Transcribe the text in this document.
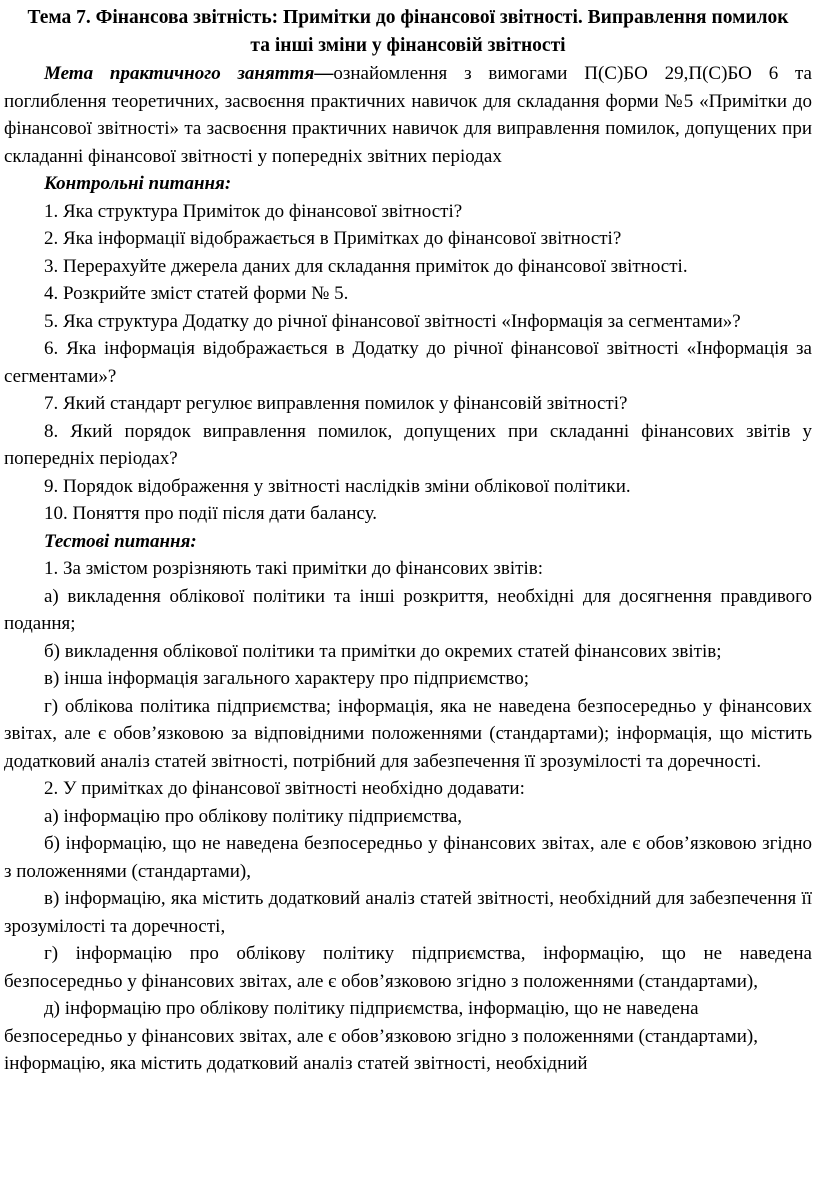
Тема 7. Фінансова звітність: Примітки до фінансової звітності. Виправлення помилок та інші зміни у фінансовій звітності

Мета практичного заняття—ознайомлення з вимогами П(С)БО 29,П(С)БО 6 та поглиблення теоретичних, засвоєння практичних навичок для складання форми №5 «Примітки до фінансової звітності» та засвоєння практичних навичок для виправлення помилок, допущених при складанні фінансової звітності у попередніх звітних періодах

Контрольні питання:

1. Яка структура Приміток до фінансової звітності?

2. Яка інформації відображається в Примітках до фінансової звітності?

3. Перерахуйте джерела даних для складання приміток до фінансової звітності.

4. Розкрийте зміст статей форми № 5.

5. Яка структура Додатку до річної фінансової звітності «Інформація за сегментами»?

6. Яка інформація відображається в Додатку до річної фінансової звітності «Інформація за сегментами»?

7. Який стандарт регулює виправлення помилок у фінансовій звітності?

8. Який порядок виправлення помилок, допущених при складанні фінансових звітів у попередніх періодах?

9. Порядок відображення у звітності наслідків зміни облікової політики.

10. Поняття про події після дати балансу.

Тестові питання:

1. За змістом розрізняють такі примітки до фінансових звітів:

а) викладення облікової політики та інші розкриття, необхідні для досягнення правдивого подання;

б) викладення облікової політики та примітки до окремих статей фінансових звітів;

в) інша інформація загального характеру про підприємство;

г) облікова політика підприємства; інформація, яка не наведена безпосередньо у фінансових звітах, але є обов’язковою за відповідними положеннями (стандартами); інформація, що містить додатковий аналіз статей звітності, потрібний для забезпечення її зрозумілості та доречності.

2. У примітках до фінансової звітності необхідно додавати:

а) інформацію про облікову політику підприємства,

б) інформацію, що не наведена безпосередньо у фінансових звітах, але є обов’язковою згідно з положеннями (стандартами),

в) інформацію, яка містить додатковий аналіз статей звітності, необхідний для забезпечення її зрозумілості та доречності,

г) інформацію про облікову політику підприємства, інформацію, що не наведена безпосередньо у фінансових звітах, але є обов’язковою згідно з положеннями (стандартами),

д) інформацію про облікову політику підприємства, інформацію, що не наведена безпосередньо у фінансових звітах, але є обов’язковою згідно з положеннями (стандартами), інформацію, яка містить додатковий аналіз статей звітності, необхідний
